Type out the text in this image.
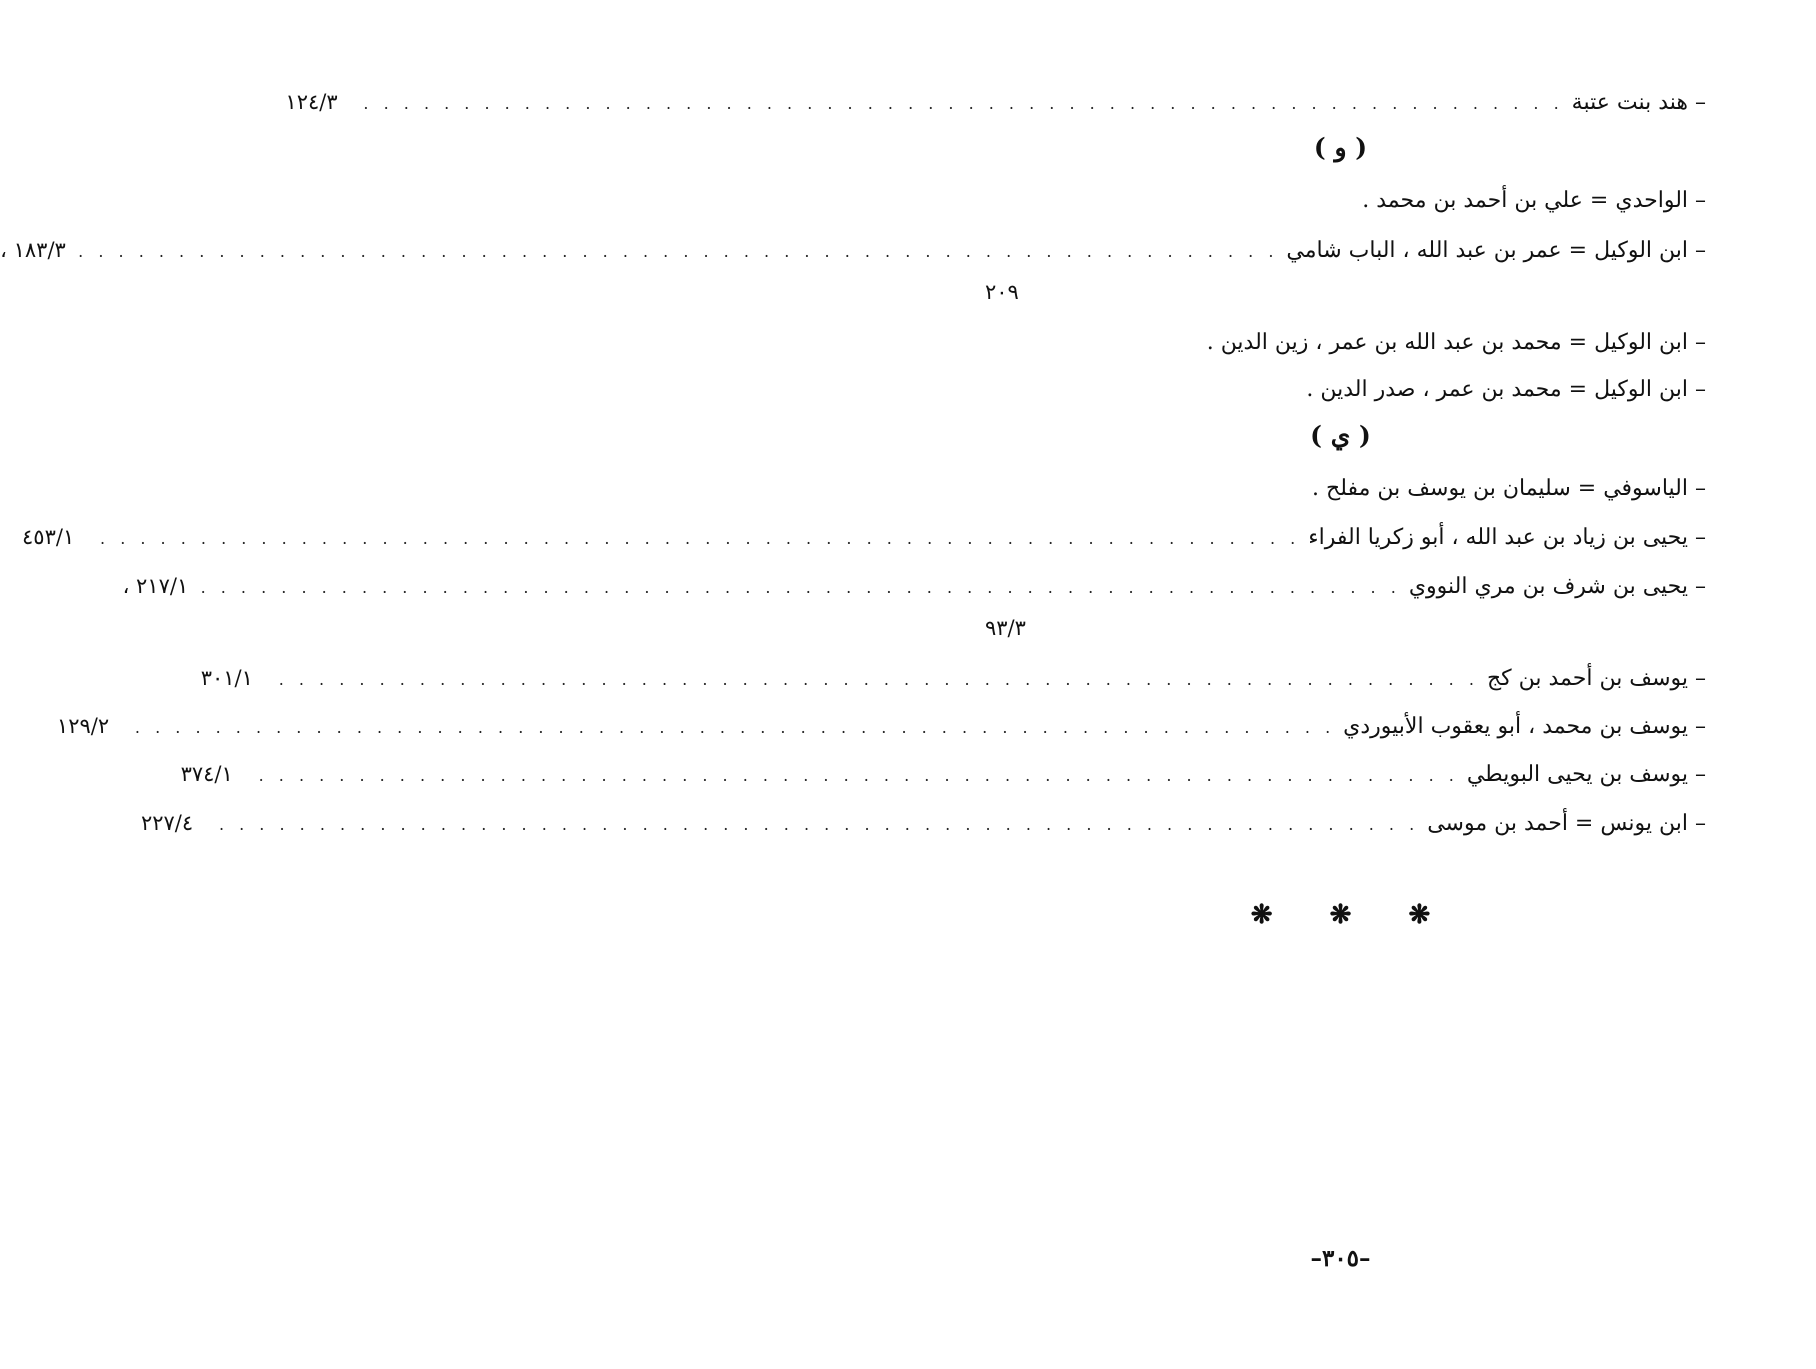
– هند بنت عتبة
. . . . . . . . . . . . . . . . . . . . . . . . . . . . . . . . . . . . . . . . . . . . . . . . . . . . . . . . . . . .
١٢٤/٣
( و )
– الواحدي = علي بن أحمد بن محمد .
– ابن الوكيل = عمر بن عبد الله ، الباب شامي
. . . . . . . . . . . . . . . . . . . . . . . . . . . . . . . . . . . . . . . . . . . . . . . . . . . . . . . . . . . .
١٨٣/٣ ،
٢٠٩
– ابن الوكيل = محمد بن عبد الله بن عمر ، زين الدين .
– ابن الوكيل = محمد بن عمر ، صدر الدين .
( ي )
– الياسوفي = سليمان بن يوسف بن مفلح .
– يحيى بن زياد بن عبد الله ، أبو زكريا الفراء
. . . . . . . . . . . . . . . . . . . . . . . . . . . . . . . . . . . . . . . . . . . . . . . . . . . . . . . . . . . .
٤٥٣/١
– يحيى بن شرف بن مري النووي
. . . . . . . . . . . . . . . . . . . . . . . . . . . . . . . . . . . . . . . . . . . . . . . . . . . . . . . . . . . .
٢١٧/١ ،
٩٣/٣
– يوسف بن أحمد بن كج
. . . . . . . . . . . . . . . . . . . . . . . . . . . . . . . . . . . . . . . . . . . . . . . . . . . . . . . . . . . .
٣٠١/١
– يوسف بن محمد ، أبو يعقوب الأبيوردي
. . . . . . . . . . . . . . . . . . . . . . . . . . . . . . . . . . . . . . . . . . . . . . . . . . . . . . . . . . . .
١٢٩/٢
– يوسف بن يحيى البويطي
. . . . . . . . . . . . . . . . . . . . . . . . . . . . . . . . . . . . . . . . . . . . . . . . . . . . . . . . . . . .
٣٧٤/١
– ابن يونس = أحمد بن موسى
. . . . . . . . . . . . . . . . . . . . . . . . . . . . . . . . . . . . . . . . . . . . . . . . . . . . . . . . . . . .
٢٢٧/٤
❋ ❋ ❋
–٣٠٥–
